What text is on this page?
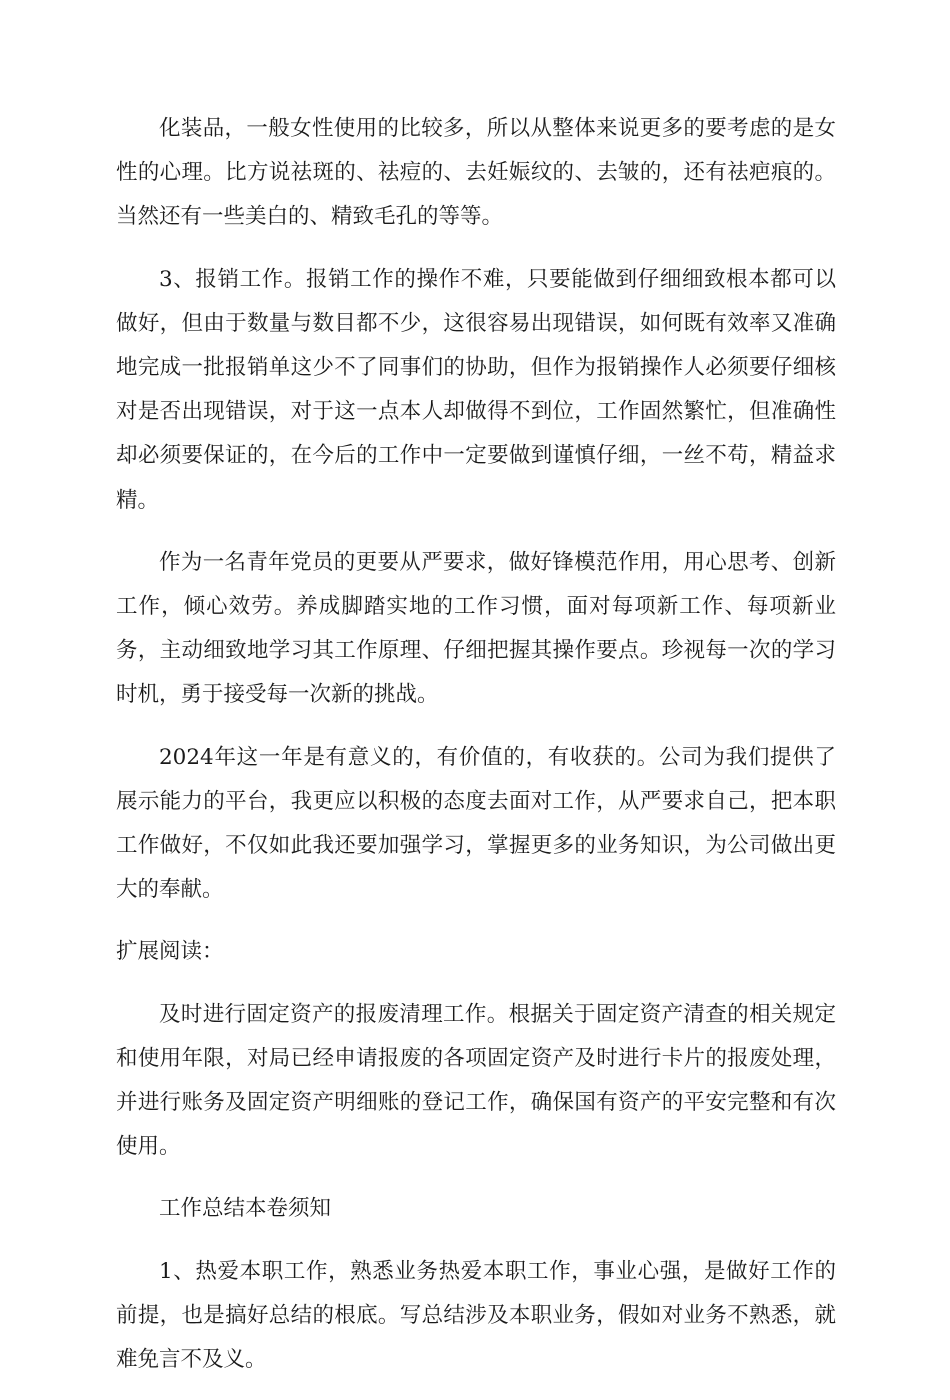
化装品，一般女性使用的比较多，所以从整体来说更多的要考虑的是女性的心理。比方说祛斑的、祛痘的、去妊娠纹的、去皱的，还有祛疤痕的。当然还有一些美白的、精致毛孔的等等。

3、报销工作。报销工作的操作不难，只要能做到仔细细致根本都可以做好，但由于数量与数目都不少，这很容易出现错误，如何既有效率又准确地完成一批报销单这少不了同事们的协助，但作为报销操作人必须要仔细核对是否出现错误，对于这一点本人却做得不到位，工作固然繁忙，但准确性却必须要保证的，在今后的工作中一定要做到谨慎仔细，一丝不苟，精益求精。

作为一名青年党员的更要从严要求，做好锋模范作用，用心思考、创新工作，倾心效劳。养成脚踏实地的工作习惯，面对每项新工作、每项新业务，主动细致地学习其工作原理、仔细把握其操作要点。珍视每一次的学习时机，勇于接受每一次新的挑战。

2024年这一年是有意义的，有价值的，有收获的。公司为我们提供了展示能力的平台，我更应以积极的态度去面对工作，从严要求自己，把本职工作做好，不仅如此我还要加强学习，掌握更多的业务知识，为公司做出更大的奉献。

扩展阅读：

及时进行固定资产的报废清理工作。根据关于固定资产清查的相关规定和使用年限，对局已经申请报废的各项固定资产及时进行卡片的报废处理，并进行账务及固定资产明细账的登记工作，确保国有资产的平安完整和有次使用。

工作总结本卷须知

1、热爱本职工作，熟悉业务热爱本职工作，事业心强，是做好工作的前提，也是搞好总结的根底。写总结涉及本职业务，假如对业务不熟悉，就难免言不及义。
